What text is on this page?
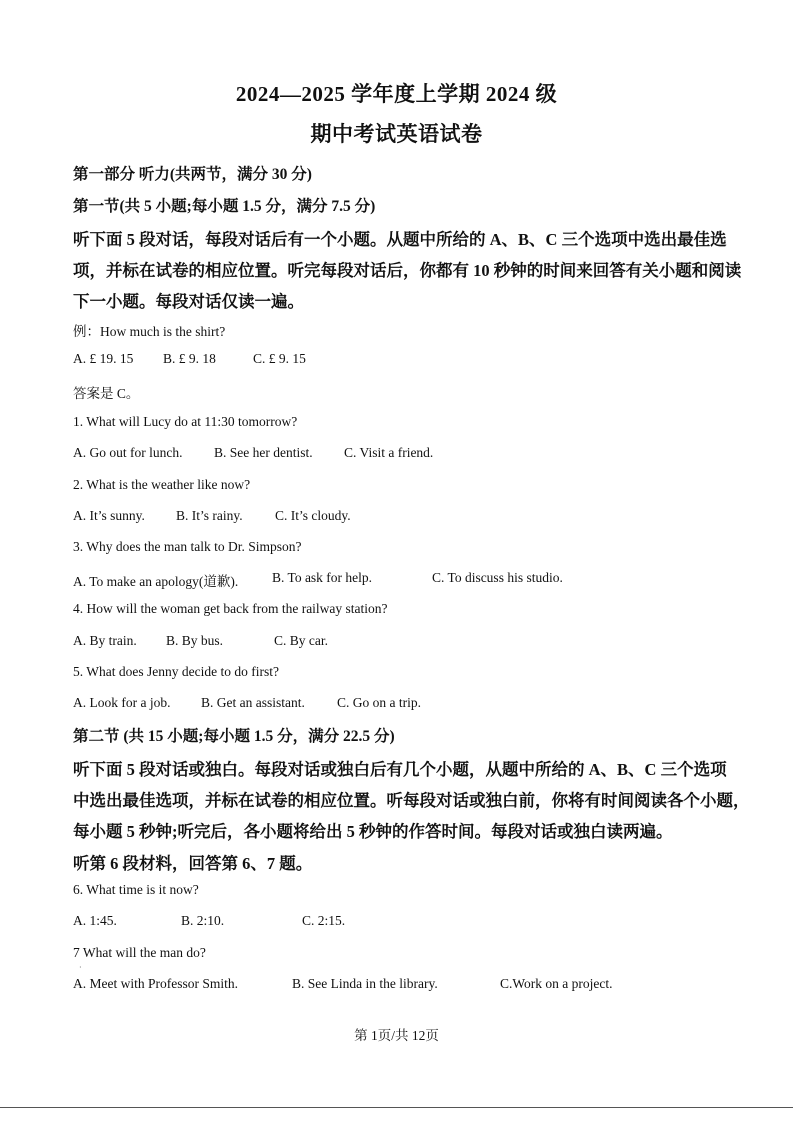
2024—2025 学年度上学期 2024 级
期中考试英语试卷
第一部分 听力(共两节，满分 30 分)
第一节(共 5 小题;每小题 1.5 分，满分 7.5 分)
听下面 5 段对话，每段对话后有一个小题。从题中所给的 A、B、C 三个选项中选出最佳选
项，并标在试卷的相应位置。听完每段对话后，你都有 10 秒钟的时间来回答有关小题和阅读
下一小题。每段对话仅读一遍。
例：How much is the shirt?
A. £ 19. 15 B. £ 9. 18	C. £ 9. 15
答案是 C。
1. What will Lucy do at 11:30 tomorrow?
A. Go out for lunch. B. See her dentist. C. Visit a friend.
2. What is the weather like now?
A. It’s sunny. B. It’s rainy. C. It’s cloudy.
3. Why does the man talk to Dr. Simpson?
A. To make an apology(道歉). B. To ask for help.	C. To discuss his studio.
4. How will the woman get back from the railway station?
A. By train. B. By bus.	C. By car.
5. What does Jenny decide to do first?
A. Look for a job. B. Get an assistant. C. Go on a trip.
第二节 (共 15 小题;每小题 1.5 分，满分 22.5 分)
听下面 5 段对话或独白。每段对话或独白后有几个小题，从题中所给的 A、B、C 三个选项
中选出最佳选项，并标在试卷的相应位置。听每段对话或独白前，你将有时间阅读各个小题，
每小题 5 秒钟;听完后，各小题将给出 5 秒钟的作答时间。每段对话或独白读两遍。
听第 6 段材料，回答第 6、7 题。
6. What time is it now?
A. 1:45.	B. 2:10.	C. 2:15.
7 What will the man do?
·
A. Meet with Professor Smith.	B. See Linda in the library.	C.Work on a project.
第 1页/共 12页
